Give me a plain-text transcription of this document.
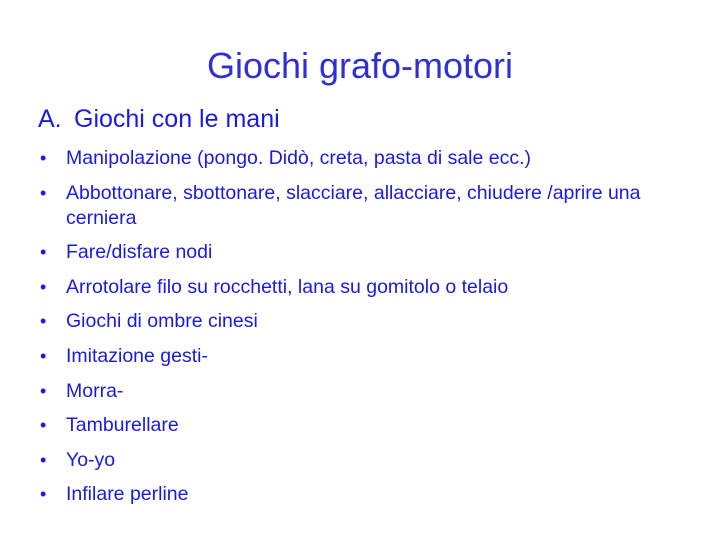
Giochi grafo-motori
A. Giochi con le mani
•	Manipolazione (pongo. Didò, creta, pasta di sale ecc.)
•	Abbottonare, sbottonare, slacciare, allacciare, chiudere /aprire una cerniera
•	Fare/disfare nodi
•	Arrotolare filo su rocchetti, lana su gomitolo o telaio
•	Giochi di ombre cinesi
•	Imitazione gesti-
•	Morra-
•	Tamburellare
•	Yo-yo
•	Infilare perline
